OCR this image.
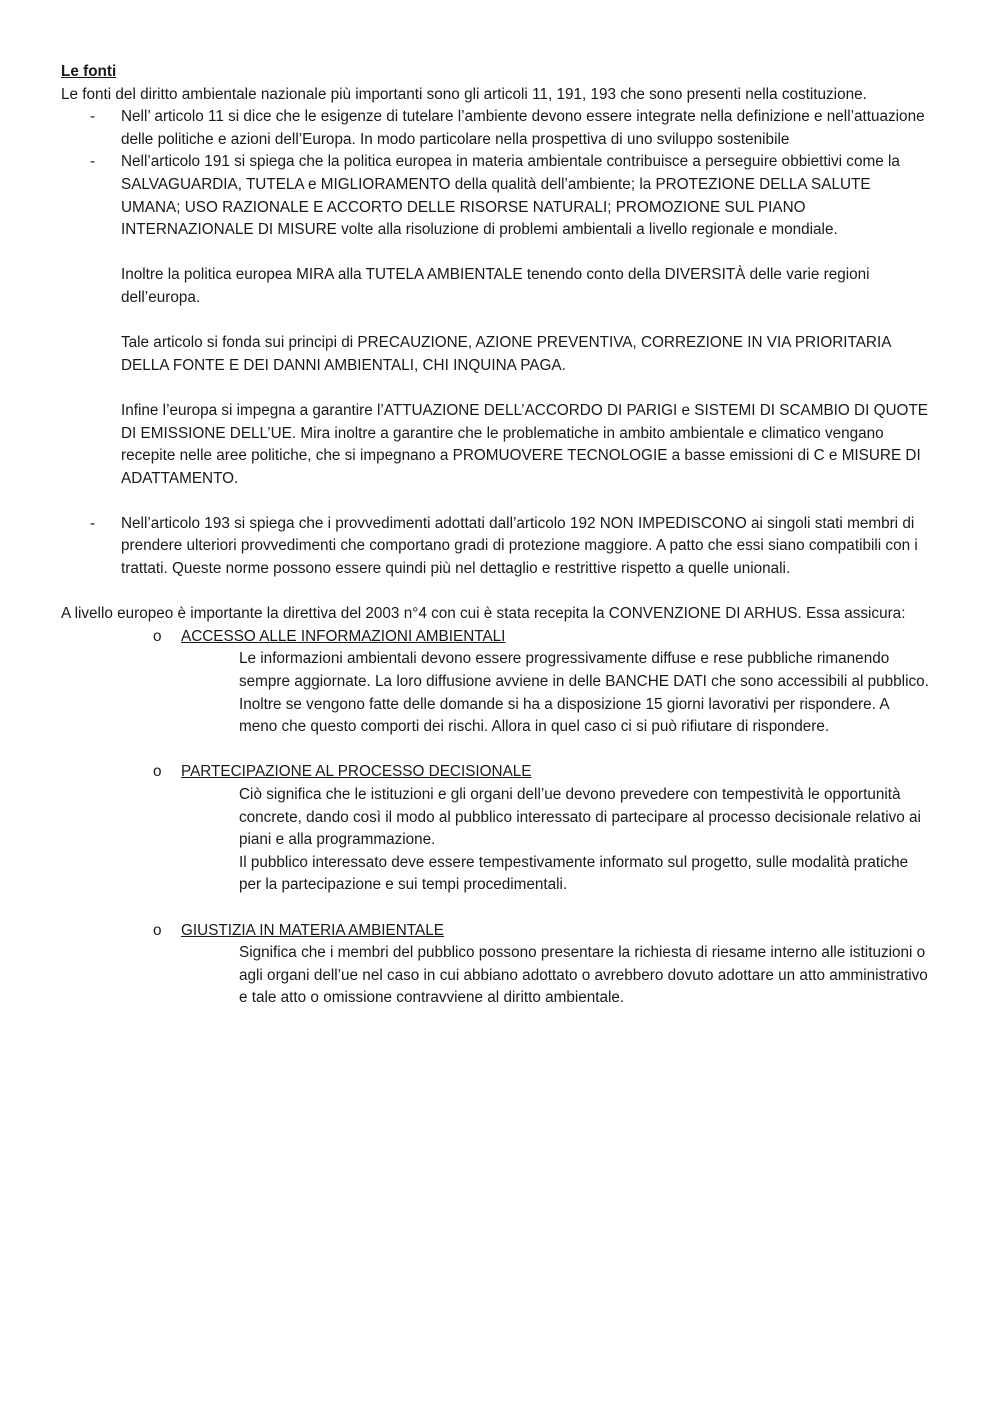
Le fonti

Le fonti del diritto ambientale nazionale più importanti sono gli articoli 11, 191, 193 che sono presenti nella costituzione.

- Nell’ articolo 11 si dice che le esigenze di tutelare l’ambiente devono essere integrate nella definizione e nell’attuazione delle politiche e azioni dell’Europa. In modo particolare nella prospettiva di uno sviluppo sostenibile
- Nell’articolo 191 si spiega che la politica europea in materia ambientale contribuisce a perseguire obbiettivi come la SALVAGUARDIA, TUTELA e MIGLIORAMENTO della qualità dell’ambiente; la PROTEZIONE DELLA SALUTE UMANA; USO RAZIONALE E ACCORTO DELLE RISORSE NATURALI; PROMOZIONE SUL PIANO INTERNAZIONALE DI MISURE volte alla risoluzione di problemi ambientali a livello regionale e mondiale.
Inoltre la politica europea MIRA alla TUTELA AMBIENTALE tenendo conto della DIVERSITÀ delle varie regioni dell’europa.
Tale articolo si fonda sui principi di PRECAUZIONE, AZIONE PREVENTIVA, CORREZIONE IN VIA PRIORITARIA DELLA FONTE E DEI DANNI AMBIENTALI, CHI INQUINA PAGA.
Infine l’europa si impegna a garantire l’ATTUAZIONE DELL’ACCORDO DI PARIGI e SISTEMI DI SCAMBIO DI QUOTE DI EMISSIONE DELL’UE. Mira inoltre a garantire che le problematiche in ambito ambientale e climatico vengano recepite nelle aree politiche, che si impegnano a PROMUOVERE TECNOLOGIE a basse emissioni di C e MISURE DI ADATTAMENTO.
- Nell’articolo 193 si spiega che i provvedimenti adottati dall’articolo 192 NON IMPEDISCONO ai singoli stati membri di prendere ulteriori provvedimenti che comportano gradi di protezione maggiore. A patto che essi siano compatibili con i trattati. Queste norme possono essere quindi più nel dettaglio e restrittive rispetto a quelle unionali.

A livello europeo è importante la direttiva del 2003 n°4 con cui è stata recepita la CONVENZIONE DI ARHUS. Essa assicura:

o ACCESSO ALLE INFORMAZIONI AMBIENTALI
Le informazioni ambientali devono essere progressivamente diffuse e rese pubbliche rimanendo sempre aggiornate. La loro diffusione avviene in delle BANCHE DATI che sono accessibili al pubblico.
Inoltre se vengono fatte delle domande si ha a disposizione 15 giorni lavorativi per rispondere. A meno che questo comporti dei rischi. Allora in quel caso ci si può rifiutare di rispondere.
o PARTECIPAZIONE AL PROCESSO DECISIONALE
Ciò significa che le istituzioni e gli organi dell’ue devono prevedere con tempestività le opportunità concrete, dando così il modo al pubblico interessato di partecipare al processo decisionale relativo ai piani e alla programmazione.
Il pubblico interessato deve essere tempestivamente informato sul progetto, sulle modalità pratiche per la partecipazione e sui tempi procedimentali.
o GIUSTIZIA IN MATERIA AMBIENTALE
Significa che i membri del pubblico possono presentare la richiesta di riesame interno alle istituzioni o agli organi dell’ue nel caso in cui abbiano adottato o avrebbero dovuto adottare un atto amministrativo e tale atto o omissione contravviene al diritto ambientale.
